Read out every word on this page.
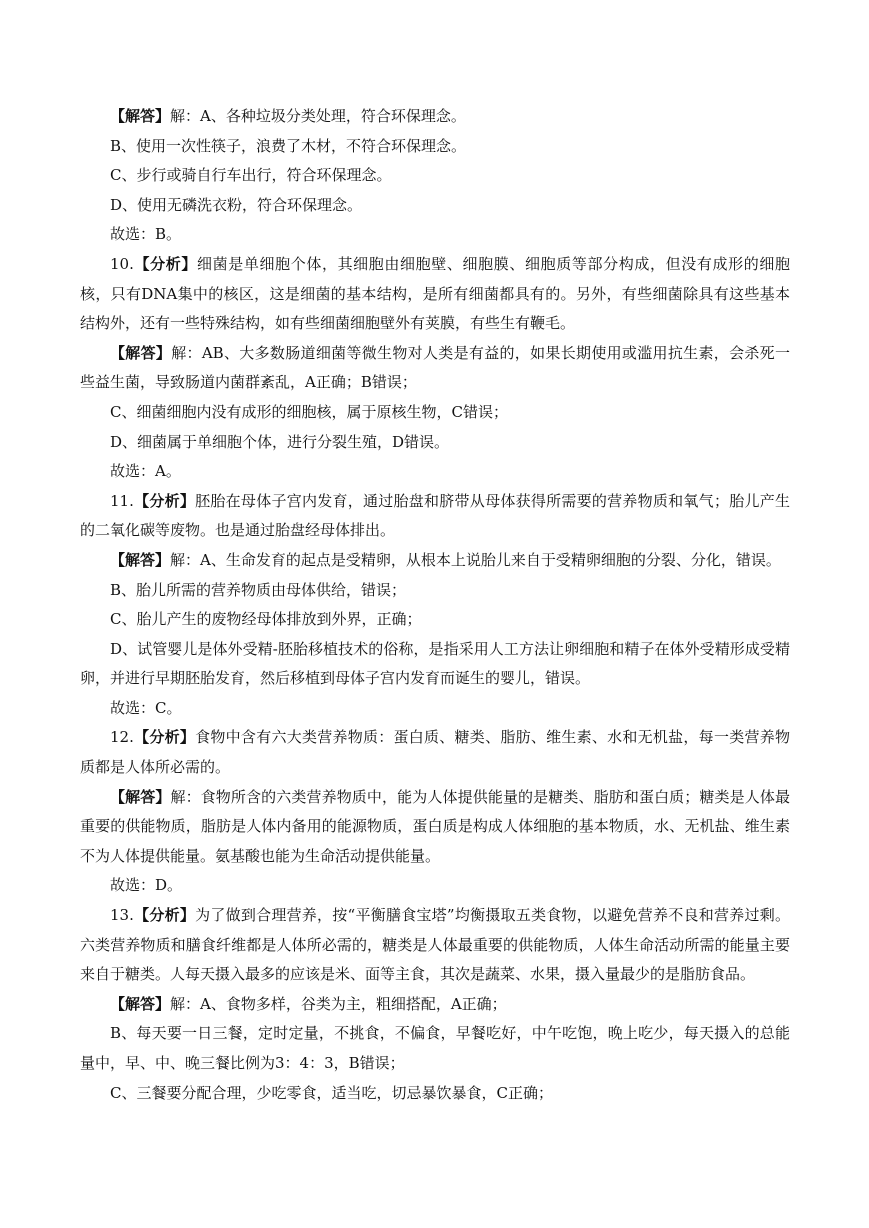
【解答】解：A、各种垃圾分类处理，符合环保理念。

B、使用一次性筷子，浪费了木材，不符合环保理念。

C、步行或骑自行车出行，符合环保理念。

D、使用无磷洗衣粉，符合环保理念。

故选：B。

10.【分析】细菌是单细胞个体，其细胞由细胞壁、细胞膜、细胞质等部分构成，但没有成形的细胞核，只有DNA集中的核区，这是细菌的基本结构，是所有细菌都具有的。另外，有些细菌除具有这些基本结构外，还有一些特殊结构，如有些细菌细胞壁外有荚膜，有些生有鞭毛。

【解答】解：AB、大多数肠道细菌等微生物对人类是有益的，如果长期使用或滥用抗生素，会杀死一些益生菌，导致肠道内菌群紊乱，A正确；B错误；

C、细菌细胞内没有成形的细胞核，属于原核生物，C错误；

D、细菌属于单细胞个体，进行分裂生殖，D错误。

故选：A。

11.【分析】胚胎在母体子宫内发育，通过胎盘和脐带从母体获得所需要的营养物质和氧气；胎儿产生的二氧化碳等废物。也是通过胎盘经母体排出。

【解答】解：A、生命发育的起点是受精卵，从根本上说胎儿来自于受精卵细胞的分裂、分化，错误。

B、胎儿所需的营养物质由母体供给，错误；

C、胎儿产生的废物经母体排放到外界，正确；

D、试管婴儿是体外受精-胚胎移植技术的俗称，是指采用人工方法让卵细胞和精子在体外受精形成受精卵，并进行早期胚胎发育，然后移植到母体子宫内发育而诞生的婴儿，错误。

故选：C。

12.【分析】食物中含有六大类营养物质：蛋白质、糖类、脂肪、维生素、水和无机盐，每一类营养物质都是人体所必需的。

【解答】解：食物所含的六类营养物质中，能为人体提供能量的是糖类、脂肪和蛋白质；糖类是人体最重要的供能物质，脂肪是人体内备用的能源物质，蛋白质是构成人体细胞的基本物质，水、无机盐、维生素不为人体提供能量。氨基酸也能为生命活动提供能量。

故选：D。

13.【分析】为了做到合理营养，按“平衡膳食宝塔”均衡摄取五类食物，以避免营养不良和营养过剩。六类营养物质和膳食纤维都是人体所必需的，糖类是人体最重要的供能物质，人体生命活动所需的能量主要来自于糖类。人每天摄入最多的应该是米、面等主食，其次是蔬菜、水果，摄入量最少的是脂肪食品。

【解答】解：A、食物多样，谷类为主，粗细搭配，A正确；

B、每天要一日三餐，定时定量，不挑食，不偏食，早餐吃好，中午吃饱，晚上吃少，每天摄入的总能量中，早、中、晚三餐比例为3：4：3，B错误；

C、三餐要分配合理，少吃零食，适当吃，切忌暴饮暴食，C正确；
